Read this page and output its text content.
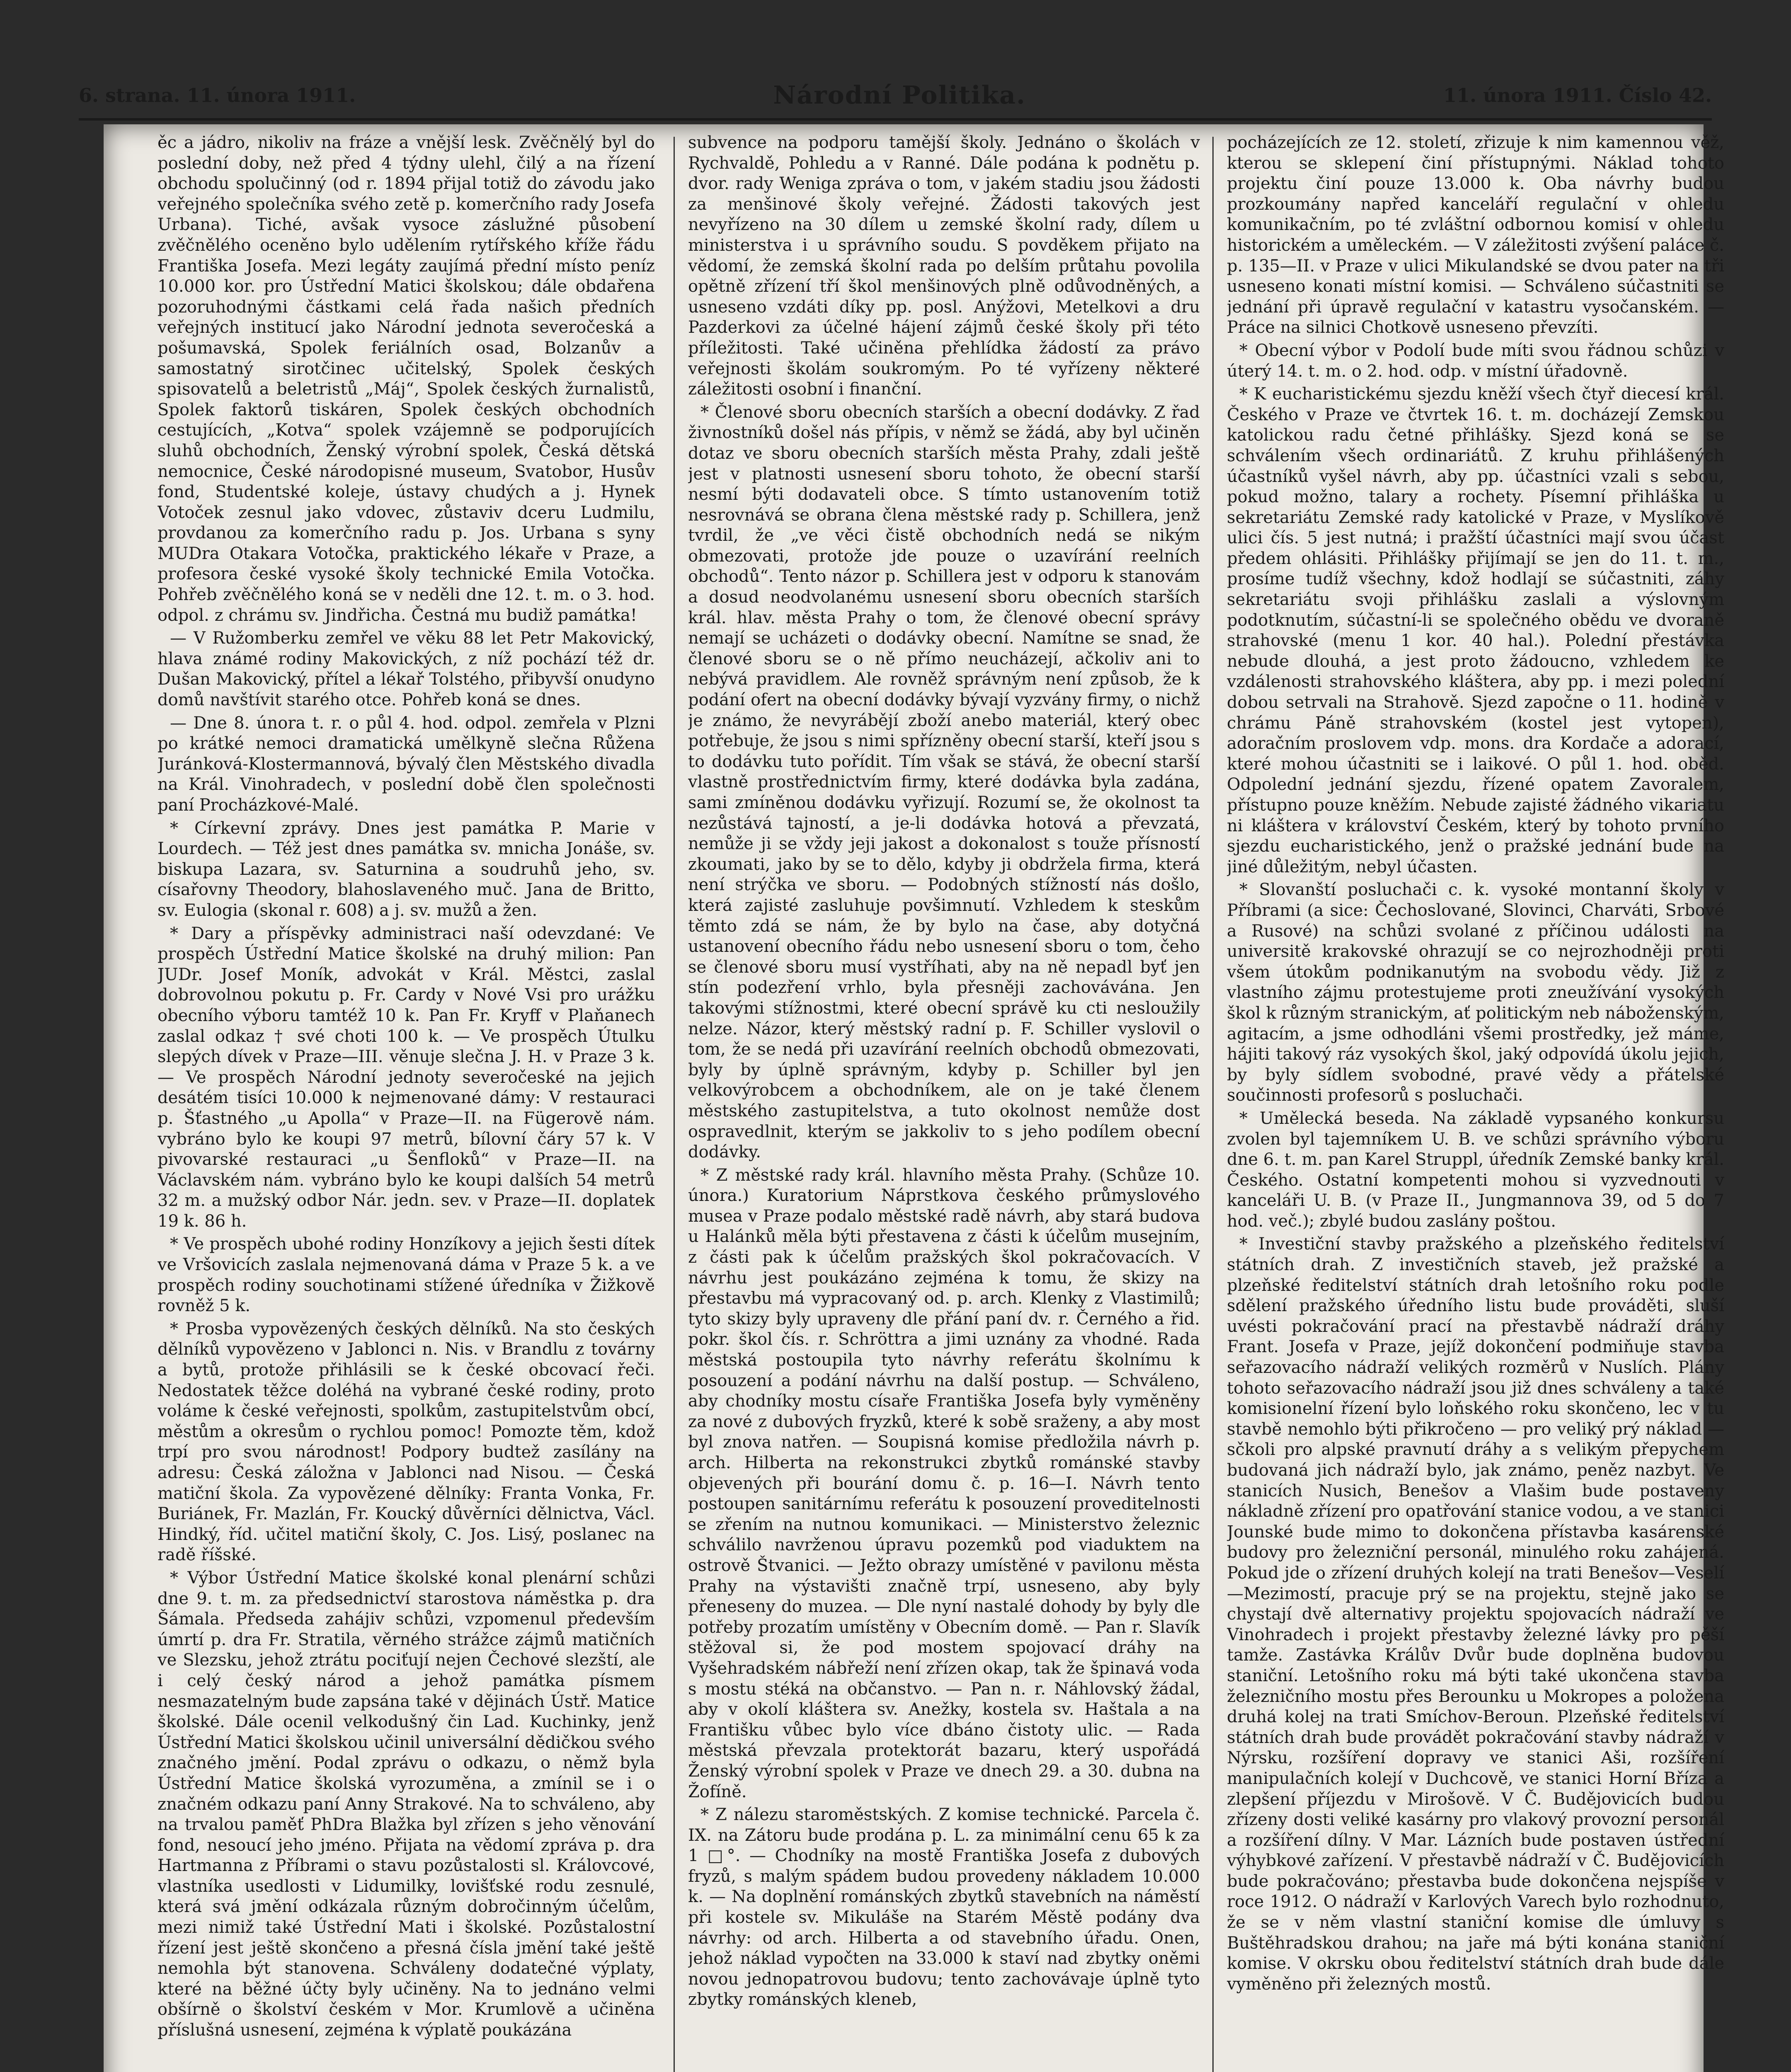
6. strana. 11. února 1911.	Národní Politika.	11. února 1911. Číslo 42.

ěc a jádro, nikoliv na fráze a vnější lesk. Zvěčnělý byl do poslední doby, než před 4 týdny ulehl, čilý a na řízení obchodu spolučinný (od r. 1894 přijal totiž do závodu jako veřejného společníka svého zetě p. komerčního rady Josefa Urbana). Tiché, avšak vysoce záslužné působení zvěčnělého oceněno bylo udělením rytířského kříže řádu Františka Josefa. Mezi legáty zaujímá přední místo peníz 10.000 kor. pro Ústřední Matici školskou; dále obdařena pozoruhodnými částkami celá řada našich předních veřejných institucí jako Národní jednota severočeská a pošumavská, Spolek feriálních osad, Bolzanův a samostatný sirotčinec učitelský, Spolek českých spisovatelů a beletristů „Máj“, Spolek českých žurnalistů, Spolek faktorů tiskáren, Spolek českých obchodních cestujících, „Kotva“ spolek vzájemně se podporujících sluhů obchodních, Ženský výrobní spolek, Česká dětská nemocnice, České národopisné museum, Svatobor, Husův fond, Studentské koleje, ústavy chudých a j. Hynek Votoček zesnul jako vdovec, zůstaviv dceru Ludmilu, provdanou za komerčního radu p. Jos. Urbana s syny MUDra Otakara Votočka, praktického lékaře v Praze, a profesora české vysoké školy technické Emila Votočka. Pohřeb zvěčnělého koná se v neděli dne 12. t. m. o 3. hod. odpol. z chrámu sv. Jindřicha. Čestná mu budiž památka!

— V Ružomberku zemřel ve věku 88 let Petr Makovický, hlava známé rodiny Makovických, z níž pochází též dr. Dušan Makovický, přítel a lékař Tolstého, přibyvší onudyno domů navštívit starého otce. Pohřeb koná se dnes.

— Dne 8. února t. r. o půl 4. hod. odpol. zemřela v Plzni po krátké nemoci dramatická umělkyně slečna Růžena Juránková-Klostermannová, bývalý člen Městského divadla na Král. Vinohradech, v poslední době člen společnosti paní Procházkové-Malé.

* Církevní zprávy. Dnes jest památka P. Marie v Lourdech. — Též jest dnes památka sv. mnicha Jonáše, sv. biskupa Lazara, sv. Saturnina a soudruhů jeho, sv. císařovny Theodory, blahoslaveného muč. Jana de Britto, sv. Eulogia (skonal r. 608) a j. sv. mužů a žen.

* Dary a příspěvky administraci naší odevzdané: Ve prospěch Ústřední Matice školské na druhý milion: Pan JUDr. Josef Moník, advokát v Král. Městci, zaslal dobrovolnou pokutu p. Fr. Cardy v Nové Vsi pro urážku obecního výboru tamtéž 10 k. Pan Fr. Kryff v Plaňanech zaslal odkaz † své choti 100 k. — Ve prospěch Útulku slepých dívek v Praze—III. věnuje slečna J. H. v Praze 3 k. — Ve prospěch Národní jednoty severočeské na jejich desátém tisíci 10.000 k nejmenované dámy: V restauraci p. Šťastného „u Apolla“ v Praze—II. na Fügerově nám. vybráno bylo ke koupi 97 metrů, bílovní čáry 57 k. V pivovarské restauraci „u Šenfloků“ v Praze—II. na Václavském nám. vybráno bylo ke koupi dalších 54 metrů 32 m. a mužský odbor Nár. jedn. sev. v Praze—II. doplatek 19 k. 86 h.

* Ve prospěch ubohé rodiny Honzíkovy a jejich šesti dítek ve Vršovicích zaslala nejmenovaná dáma v Praze 5 k. a ve prospěch rodiny souchotinami stížené úředníka v Žižkově rovněž 5 k.

* Prosba vypovězených českých dělníků. Na sto českých dělníků vypovězeno v Jablonci n. Nis. v Brandlu z továrny a bytů, protože přihlásili se k české obcovací řeči. Nedostatek těžce doléhá na vybrané české rodiny, proto voláme k české veřejnosti, spolkům, zastupitelstvům obcí, městům a okresům o rychlou pomoc! Pomozte těm, kdož trpí pro svou národnost! Podpory budtež zasílány na adresu: Česká záložna v Jablonci nad Nisou. — Česká matiční škola. Za vypovězené dělníky: Franta Vonka, Fr. Buriánek, Fr. Mazlán, Fr. Koucký důvěrníci dělnictva, Václ. Hindký, říd. učitel matiční školy, C. Jos. Lisý, poslanec na radě říšské.

* Výbor Ústřední Matice školské konal plenární schůzi dne 9. t. m. za předsednictví starostova náměstka p. dra Šámala. Předseda zahájiv schůzi, vzpomenul především úmrtí p. dra Fr. Stratila, věrného strážce zájmů matičních ve Slezsku, jehož ztrátu pociťují nejen Čechové slezští, ale i celý český národ a jehož památka písmem nesmazatelným bude zapsána také v dějinách Ústř. Matice školské. Dále ocenil velkodušný čin Lad. Kuchinky, jenž Ústřední Matici školskou učinil universální dědičkou svého značného jmění. Podal zprávu o odkazu, o němž byla Ústřední Matice školská vyrozuměna, a zmínil se i o značném odkazu paní Anny Strakové. Na to schváleno, aby na trvalou paměť PhDra Blažka byl zřízen s jeho věnování fond, nesoucí jeho jméno. Přijata na vědomí zpráva p. dra Hartmanna z Příbrami o stavu pozůstalosti sl. Královcové, vlastníka usedlosti v Lidumilky, lovišťské rodu zesnulé, která svá jmění odkázala různým dobročinným účelům, mezi nimiž také Ústřední Mati i školské. Pozůstalostní řízení jest ještě skončeno a přesná čísla jmění také ještě nemohla být stanovena. Schváleny dodatečné výplaty, které na běžné účty byly učiněny. Na to jednáno velmi obšírně o školství českém v Mor. Krumlově a učiněna příslušná usnesení, zejména k výplatě poukázána

subvence na podporu tamější školy. Jednáno o školách v Rychvaldě, Pohledu a v Ranné. Dále podána k podnětu p. dvor. rady Wenigа zpráva o tom, v jakém stadiu jsou žádosti za menšinové školy veřejné. Žádosti takových jest nevyřízeno na 30 dílem u zemské školní rady, dílem u ministerstva i u správního soudu. S povděkem přijato na vědomí, že zemská školní rada po delším průtahu povolila opětně zřízení tří škol menšinových plně odůvodněných, a usneseno vzdáti díky pp. posl. Anýžovi, Metelkovi a dru Pazderkovi za účelné hájení zájmů české školy při této příležitosti. Také učiněna přehlídka žádostí za právo veřejnosti školám soukromým. Po té vyřízeny některé záležitosti osobní i finanční.

* Členové sboru obecních starších a obecní dodávky. Z řad živnostníků došel nás přípis, v němž se žádá, aby byl učiněn dotaz ve sboru obecních starších města Prahy, zdali ještě jest v platnosti usnesení sboru tohoto, že obecní starší nesmí býti dodavateli obce. S tímto ustanovením totiž nesrovnává se obrana člena městské rady p. Schillera, jenž tvrdil, že „ve věci čistě obchodních nedá se nikým obmezovati, protože jde pouze o uzavírání reelních obchodů“. Tento názor p. Schillera jest v odporu k stanovám a dosud neodvolanému usnesení sboru obecních starších král. hlav. města Prahy o tom, že členové obecní správy nemají se ucházeti o dodávky obecní. Namítne se snad, že členové sboru se o ně přímo neucházejí, ačkoliv ani to nebývá pravidlem. Ale rovněž správným není způsob, že k podání ofert na obecní dodávky bývají vyzvány firmy, o nichž je známo, že nevyrábějí zboží anebo materiál, který obec potřebuje, že jsou s nimi spřízněny obecní starší, kteří jsou s to dodávku tuto pořídit. Tím však se stává, že obecní starší vlastně prostřednictvím firmy, které dodávka byla zadána, sami zmíněnou dodávku vyřizují. Rozumí se, že okolnost ta nezůstává tajností, a je-li dodávka hotová a převzatá, nemůže ji se vždy jeji jakost a dokonalost s touže přísností zkoumati, jako by se to dělo, kdyby ji obdržela firma, která není strýčka ve sboru. — Podobných stížností nás došlo, která zajisté zasluhuje povšimnutí. Vzhledem k steskům těmto zdá se nám, že by bylo na čase, aby dotyčná ustanovení obecního řádu nebo usnesení sboru o tom, čeho se členové sboru musí vystříhati, aby na ně nepadl byť jen stín podezření vrhlo, byla přesněji zachovávána. Jen takovými stížnostmi, které obecní správě ku cti nesloužily nelze. Názor, který městský radní p. F. Schiller vyslovil o tom, že se nedá při uzavírání reelních obchodů obmezovati, byly by úplně správným, kdyby p. Schiller byl jen velkovýrobcem a obchodníkem, ale on je také členem městského zastupitelstva, a tuto okolnost nemůže dost ospravedlnit, kterým se jakkoliv to s jeho podílem obecní dodávky.

* Z městské rady král. hlavního města Prahy. (Schůze 10. února.) Kuratorium Náprstkova českého průmyslového musea v Praze podalo městské radě návrh, aby stará budova u Halánků měla býti přestavena z části k účelům musejním, z části pak k účelům pražských škol pokračovacích. V návrhu jest poukázáno zejména k tomu, že skizy na přestavbu má vypracovaný od. p. arch. Klenky z Vlastimilů; tyto skizy byly upraveny dle přání paní dv. r. Černého a řid. pokr. škol čís. r. Schröttra a jimi uznány za vhodné. Rada městská postoupila tyto návrhy referátu školnímu k posouzení a podání návrhu na další postup. — Schváleno, aby chodníky mostu císaře Františka Josefa byly vyměněny za nové z dubových fryzků, které k sobě sraženy, a aby most byl znova natřen. — Soupisná komise předložila návrh p. arch. Hilberta na rekonstrukci zbytků románské stavby objevených při bourání domu č. p. 16—I. Návrh tento postoupen sanitárnímu referátu k posouzení proveditelnosti se zřením na nutnou komunikaci. — Ministerstvo železnic schválilo navrženou úpravu pozemků pod viaduktem na ostrově Štvanici. — Ježto obrazy umístěné v pavilonu města Prahy na výstavišti značně trpí, usneseno, aby byly přeneseny do muzea. — Dle nyní nastalé dohody by byly dle potřeby prozatím umístěny v Obecním domě. — Pan r. Slavík stěžoval si, že pod mostem spojovací dráhy na Vyšehradském nábřeží není zřízen okap, tak že špinavá voda s mostu stéká na občanstvo. — Pan n. r. Náhlovský žádal, aby v okolí kláštera sv. Anežky, kostela sv. Haštala a na Františku vůbec bylo více dbáno čistoty ulic. — Rada městská převzala protektorát bazaru, který uspořádá Ženský výrobní spolek v Praze ve dnech 29. a 30. dubna na Žofíně.

* Z nálezu staroměstských. Z komise technické. Parcela č. IX. na Zátoru bude prodána p. L. za minimální cenu 65 k za 1 □°. — Chodníky na mostě Františka Josefa z dubových fryzů, s malým spádem budou provedeny nákladem 10.000 k. — Na doplnění románských zbytků stavebních na náměstí při kostele sv. Mikuláše na Starém Městě podány dva návrhy: od arch. Hilberta a od stavebního úřadu. Onen, jehož náklad vypočten na 33.000 k staví nad zbytky oněmi novou jednopatrovou budovu; tento zachovávaje úplně tyto zbytky románských klenеb,

pocházejících ze 12. století, zřizuje k nim kamennou věž, kterou se sklepení činí přístupnými. Náklad tohoto projektu činí pouze 13.000 k. Oba návrhy budou prozkoumány napřed kanceláří regulační v ohledu komunikačním, po té zvláštní odbornou komisí v ohledu historickém a uměleckém. — V záležitosti zvýšení paláce č. p. 135—II. v Praze v ulici Mikulandské se dvou pater na tři usneseno konati místní komisi. — Schváleno súčastniti se jednání při úpravě regulační v katastru vysočanském. — Práce na silnici Chotkově usneseno převzíti.

* Obecní výbor v Podolí bude míti svou řádnou schůzi v úterý 14. t. m. o 2. hod. odp. v místní úřadovně.

* K eucharistickému sjezdu kněží všech čtyř diecesí král. Českého v Praze ve čtvrtek 16. t. m. docházejí Zemskou katolickou radu četné přihlášky. Sjezd koná se se schválením všech ordinariátů. Z kruhu přihlášených účastníků vyšel návrh, aby pp. účastníci vzali s sebou, pokud možno, talary a rochety. Písemní přihláška u sekretariátu Zemské rady katolické v Praze, v Myslíkově ulici čís. 5 jest nutná; i pražští účastníci mají svou účast předem ohlásiti. Přihlášky přijímají se jen do 11. t. m., prosíme tudíž všechny, kdož hodlají se súčastniti, záhy sekretariátu svoji přihlášku zaslali a výslovným podotknutím, súčastní-li se společného obědu ve dvoraně strahovské (menu 1 kor. 40 hal.). Polední přestávka nebude dlouhá, a jest proto žádoucno, vzhledem ke vzdálenosti strahovského kláštera, aby pp. i mezi polední dobou setrvali na Strahově. Sjezd započne o 11. hodině v chrámu Páně strahovském (kostel jest vytopen), adoračním proslovem vdp. mons. dra Kordače a adorací, které mohou účastniti se i laikové. O půl 1. hod. oběd. Odpolední jednání sjezdu, řízené opatem Zavoralem, přístupno pouze kněžím. Nebude zajisté žádného vikariatu ni kláštera v království Českém, který by tohoto prvního sjezdu eucharistického, jenž o pražské jednání bude na jiné důležitým, nebyl účasten.

* Slovanští posluchači c. k. vysoké montanní školy v Příbrami (a sice: Čechoslované, Slovinci, Charváti, Srbové a Rusové) na schůzi svolané z příčinou události na universitě krakovské ohrazují se co nejrozhodněji proti všem útokům podnikanutým na svobodu vědy. Již z vlastního zájmu protestujeme proti zneužívání vysokých škol k různým stranickým, ať politickým neb náboženským, agitacím, a jsme odhodláni všemi prostředky, jež máme, hájiti takový ráz vysokých škol, jaký odpovídá úkolu jejich, by byly sídlem svobodné, pravé vědy a přátelské součinnosti profesorů s posluchači.

* Umělecká beseda. Na základě vypsaného konkursu zvolen byl tajemníkem U. B. ve schůzi správního výboru dne 6. t. m. pan Karel Struppl, úředník Zemské banky král. Českého. Ostatní kompetenti mohou si vyzvednouti v kanceláři U. B. (v Praze II., Jungmannova 39, od 5 do 7 hod. več.); zbylé budou zaslány poštou.

* Investiční stavby pražského a plzeňského ředitelství státních drah. Z investičních staveb, jež pražské a plzeňské ředitelství státních drah letošního roku podle sdělení pražského úředního listu bude prováděti, sluší uvésti pokračování prací na přestavbě nádraží dráhy Frant. Josefa v Praze, jejíž dokončení podmiňuje stavba seřazovacího nádraží velikých rozměrů v Nuslích. Plány tohoto seřazovacího nádraží jsou již dnes schváleny a také komisionelní řízení bylo loňského roku skončeno, lec v tu stavbě nemohlo býti přikročeno — pro veliký prý náklad — sčkoli pro alpské pravnutí dráhy a s velikým přepychem budovaná jich nádraží bylo, jak známo, peněz nazbyt. Ve stanicích Nusich, Benešov a Vlašim bude postaveny nákladně zřízení pro opatřování stanice vodou, a ve stanici Jounské bude mimo to dokončena přístavba kasárenské budovy pro železniční personál, minulého roku zahájená. Pokud jde o zřízení druhých kolejí na trati Benešov—Veselí—Mezimostí, pracuje prý se na projektu, stejně jako se chystají dvě alternativy projektu spojovacích nádraží ve Vinohradech i projekt přestavby železné lávky pro pěší tamže. Zastávka Králův Dvůr bude doplněna budovou staniční. Letošního roku má býti také ukončena stavba železničního mostu přes Berounku u Mokropes a položena druhá kolej na trati Smíchov-Beroun. Plzeňské ředitelství státních drah bude provádět pokračování stavby nádraží v Nýrsku, rozšíření dopravy ve stanici Aši, rozšíření manipulačních kolejí v Duchcově, ve stanici Horní Bříza a zlepšení příjezdu v Mirošově. V Č. Budějovicích budou zřízeny dosti veliké kasárny pro vlakový provozní personál a rozšíření dílny. V Mar. Lázních bude postaven ústřední výhybkové zařízení. V přestavbě nádraží v Č. Budějovicích bude pokračováno; přestavba bude dokončena nejspíše v roce 1912. O nádraží v Karlových Varech bylo rozhodnuto, že se v něm vlastní staniční komise dle úmluvy s Buštěhradskou drahou; na jaře má býti konána staniční komise. V okrsku obou ředitelství státních drah bude dále vyměněno při železných mostů.
